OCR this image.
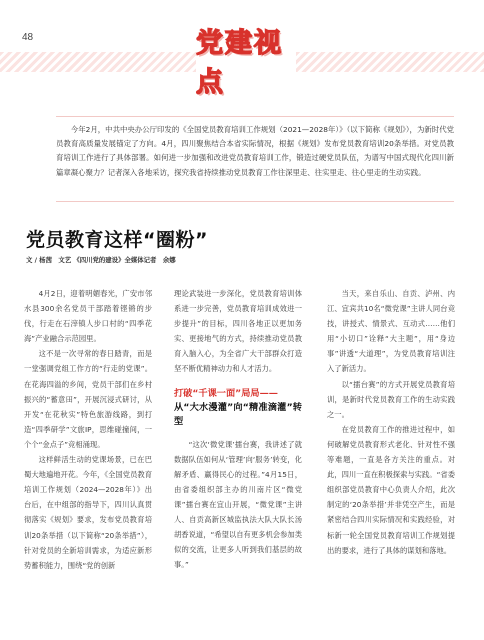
48	党建视点

今年2月，中共中央办公厅印发的《全国党员教育培训工作规划（2021—2028年）》（以下简称《规划》），为新时代党员教育高质量发展锚定了方向。4月，四川聚焦结合本省实际情况，根据《规划》发布党员教育培训20条举措。对党员教育培训工作进行了具体部署。如何进一步加强和改进党员教育培训工作，锻造过硬党员队伍，为谱写中国式现代化四川新篇章凝心聚力？记者深入各地采访，探究我省持续推动党员教育工作往深里走、往实里走、往心里走的生动实践。

党员教育这样“圈粉”

文 / 杨茜　文艺 《四川党的建设》全媒体记者　余娜

4月2日，迎着明媚春光，广安市邻水县300余名党员干部踏着铿锵的步伐，行走在石滓镇人步口村的“四季花海”产业融合示范园里。

这不是一次寻常的春日踏青，而是一堂强调党组工作方的“行走的党课”。在花海四溢的乡间，党员干部们在乡村振兴的“蓄意田”，开展沉浸式研讨，从开发“在花秋实”特色旅游线路，到打造“四季研学”文旅IP，思维碰撞间，一个个“金点子”竞相涌现。

这样鲜活生动的党课场景，已在巴蜀大地遍地开花。今年，《全国党员教育培训工作规划（2024—2028年）》出台后，在中组部的指导下，四川认真贯彻落实《规划》要求，发布党员教育培训20条举措（以下简称“20条举措”），针对党员的全新培训需求，为适应新形势蓄积能力，围绕“党的创新

理论武装进一步深化，党员教育培训体系进一步完善，党员教育培训成效进一步提升”的目标，四川各地正以更加务实、更接地气的方式，持续推动党员教育入脑入心，为全省广大干部群众打造坚不断优精神动力和人才活力。

打破“千课一面”局局——
从“大水漫灌”向“精准滴灌”转型

“这次‘微党课’擂台赛，我讲述了就数据队伍如何从‘管理’向‘服务’转变，化解矛盾、赢得民心的过程。”4月15日，由省委组织部主办的川南片区“微党课”擂台赛在宜山开展，“微党课”主讲人、自贡高新区城监执法大队大队长汤胡香说道，“希望以自有更多机会参加类似的交流，让更多人听到我们基层的故事。”

当天，来自乐山、自贡、泸州、内江、宜宾共10名“微党课”主讲人同台竞技，讲授式、情景式、互动式……他们用“小切口”诠释“大主题”，用“身边事”讲透“大道理”，为党员教育培训注入了新活力。

以“擂台赛”的方式开展党员教育培训，是新时代党员教育工作的生动实践之一。

在党员教育工作的推进过程中，如何破解党员教育形式老化、针对性不强等难题，一直是各方关注的重点。对此，四川一直在积极探索与实践。“省委组织部党员教育中心负责人介绍，此次制定的‘20条举措’并非凭空产生，而是紧密结合四川实际情况和实践经验，对标新一轮全国党员教育培训工作规划提出的要求，进行了具体的谋划和落地。
